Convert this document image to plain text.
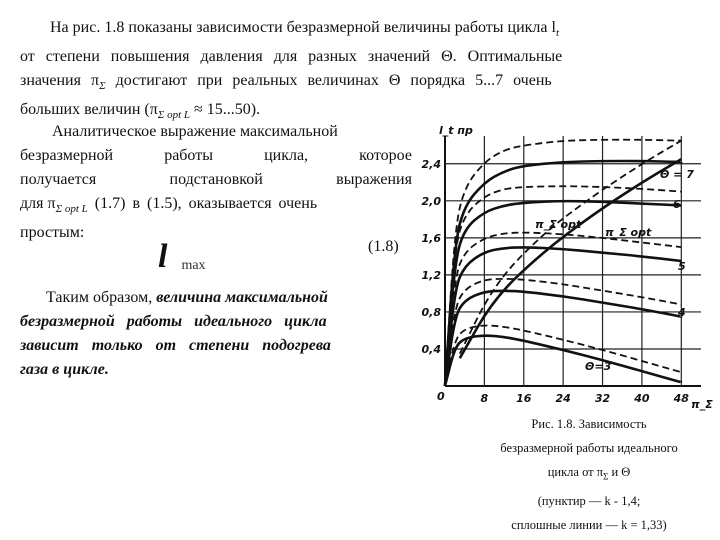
На рис. 1.8 показаны зависимости безразмерной величины работы цикла $l_t$
от степени повышения давления для разных значений Θ. Оптимальные
значения $\pi_\Sigma$ достигают при реальных величинах Θ порядка 5...7 очень
больших величин $(\pi_{\Sigma opt L} \approx 15...50)$.
Аналитическое выражение максимальной
безразмерной	работы	цикла,	которое
получается	подстановкой	выражения
для $\pi_{\Sigma opt L}$ (1.7) в (1.5), оказывается очень
простым:
l max
(1.8)
Таким образом, величина максимальной
безразмерной работы идеального цикла
зависит только от степени подогрева
газа в цикле.
8	16 24 32 40 48
0,4
0,8
1,2
1,6
2,0
2,4
l_t пр
π_Σ
0
Θ = 7
6
5
4
Θ=3
π_Σ opt
π_Σ opt
Рис. 1.8. Зависимость
безразмерной работы идеального
цикла от $\pi_\Sigma$ и Θ
(пунктир — k - 1,4;
сплошные линии — k = 1,33)
